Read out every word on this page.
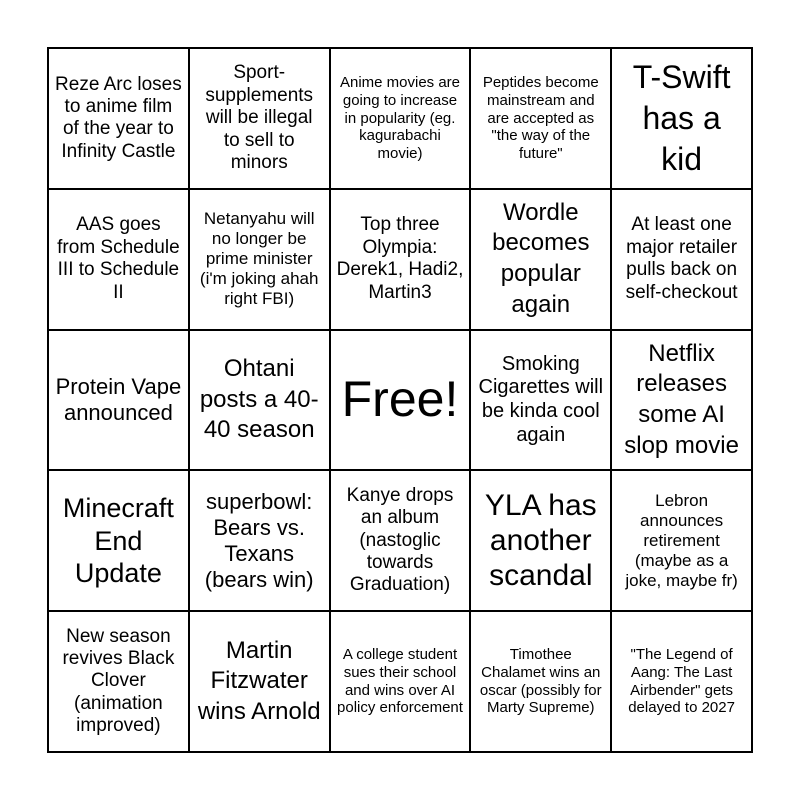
Reze Arc loses to anime film of the year to Infinity Castle
Sport-supplements will be illegal to sell to minors
Anime movies are going to increase in popularity (eg. kagurabachi movie)
Peptides become mainstream and are accepted as "the way of the future"
T-Swift has a kid
AAS goes from Schedule III to Schedule II
Netanyahu will no longer be prime minister (i'm joking ahah right FBI)
Top three Olympia: Derek1, Hadi2, Martin3
Wordle becomes popular again
At least one major retailer pulls back on self-checkout
Protein Vape announced
Ohtani posts a 40-40 season
Free!
Smoking Cigarettes will be kinda cool again
Netflix releases some AI slop movie
Minecraft End Update
superbowl: Bears vs. Texans (bears win)
Kanye drops an album (nastoglic towards Graduation)
YLA has another scandal
Lebron announces retirement (maybe as a joke, maybe fr)
New season revives Black Clover (animation improved)
Martin Fitzwater wins Arnold
A college student sues their school and wins over AI policy enforcement
Timothee Chalamet wins an oscar (possibly for Marty Supreme)
"The Legend of Aang: The Last Airbender" gets delayed to 2027
